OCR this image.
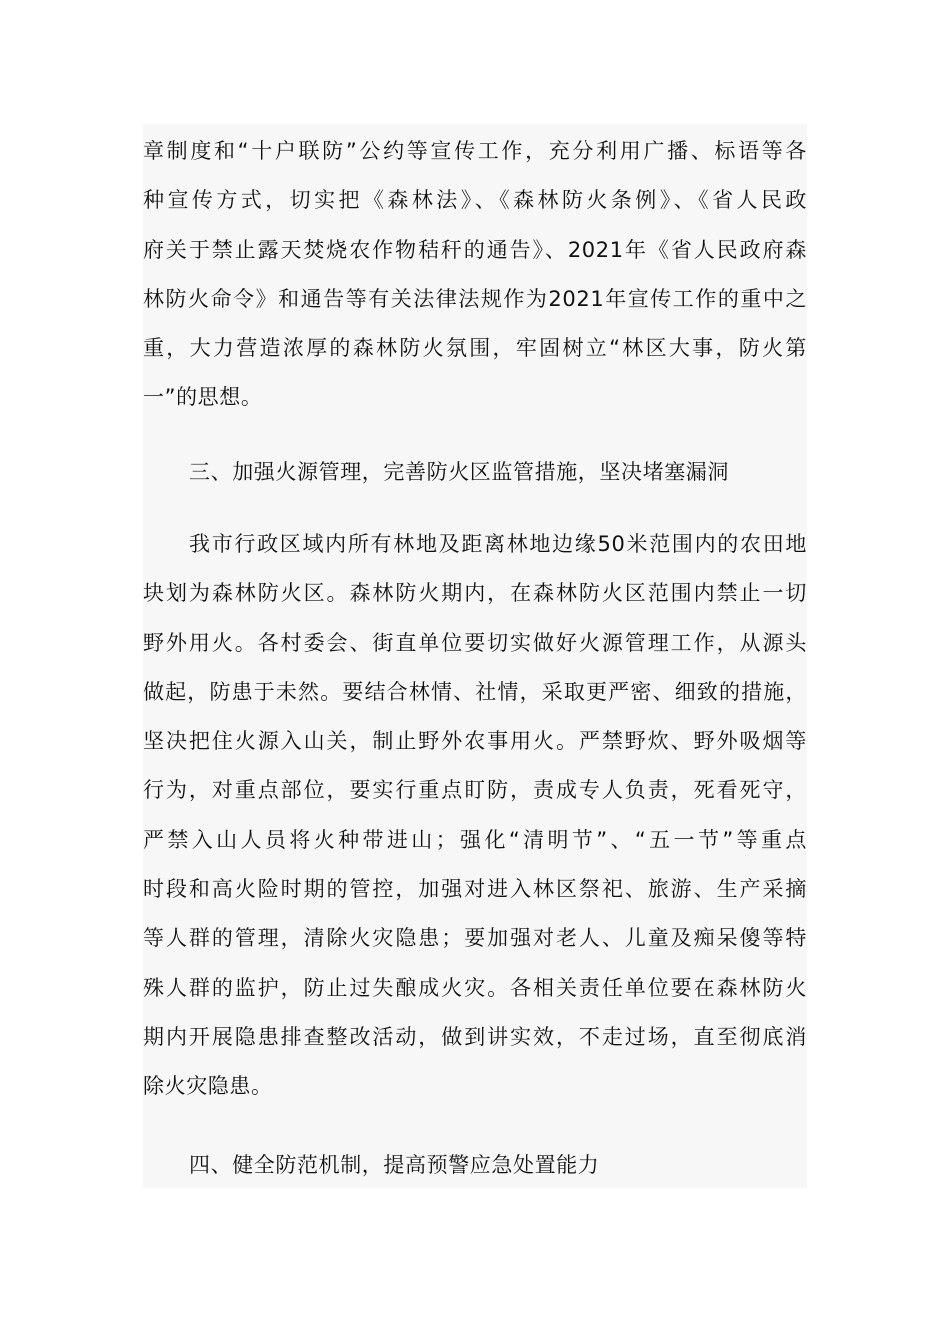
章制度和“十户联防”公约等宣传工作，充分利用广播、标语等各
种宣传方式，切实把《森林法》、《森林防火条例》、《省人民政
府关于禁止露天焚烧农作物秸秆的通告》、2021年《省人民政府森
林防火命令》和通告等有关法律法规作为2021年宣传工作的重中之
重，大力营造浓厚的森林防火氛围，牢固树立“林区大事，防火第
一”的思想。
三、加强火源管理，完善防火区监管措施，坚决堵塞漏洞
我市行政区域内所有林地及距离林地边缘50米范围内的农田地
块划为森林防火区。森林防火期内，在森林防火区范围内禁止一切
野外用火。各村委会、街直单位要切实做好火源管理工作，从源头
做起，防患于未然。要结合林情、社情，采取更严密、细致的措施，
坚决把住火源入山关，制止野外农事用火。严禁野炊、野外吸烟等
行为，对重点部位，要实行重点盯防，责成专人负责，死看死守，
严禁入山人员将火种带进山；强化“清明节”、“五一节”等重点
时段和高火险时期的管控，加强对进入林区祭祀、旅游、生产采摘
等人群的管理，清除火灾隐患；要加强对老人、儿童及痴呆傻等特
殊人群的监护，防止过失酿成火灾。各相关责任单位要在森林防火
期内开展隐患排查整改活动，做到讲实效，不走过场，直至彻底消
除火灾隐患。
四、健全防范机制，提高预警应急处置能力
